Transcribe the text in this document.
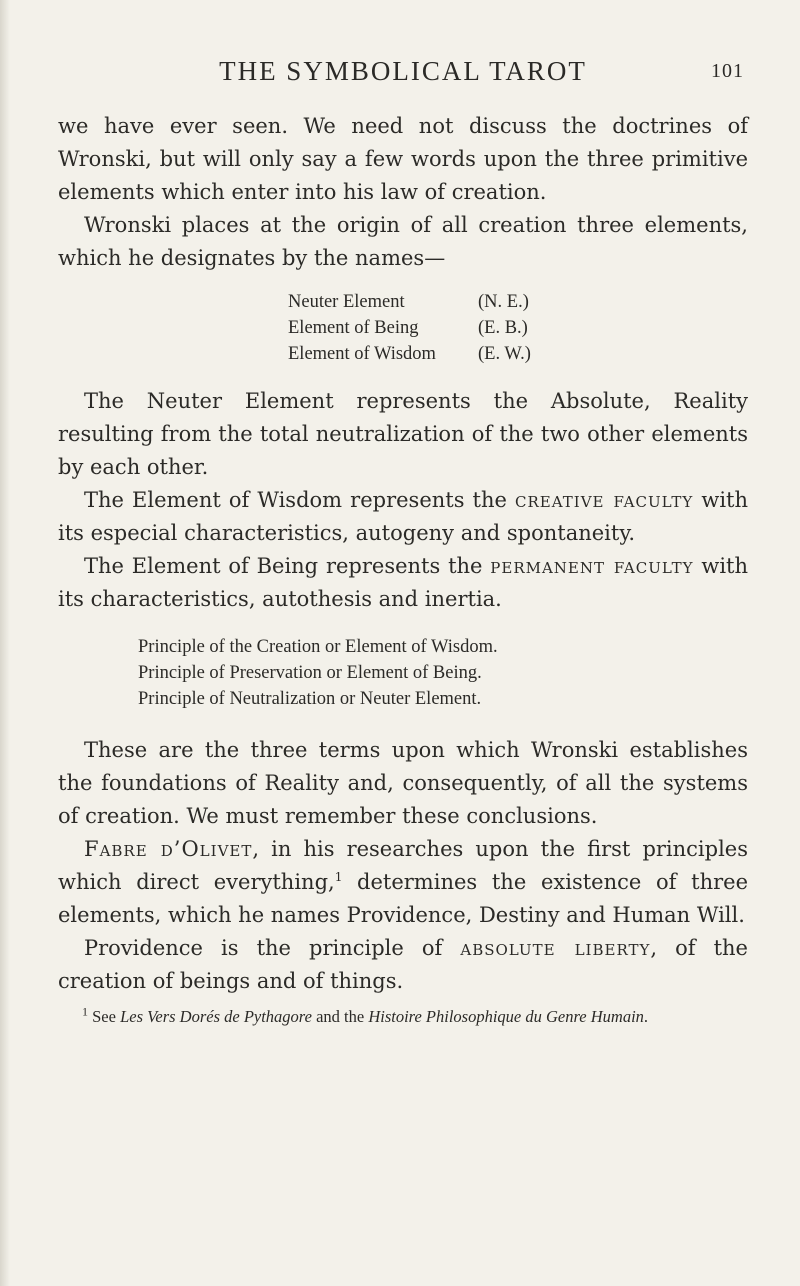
THE SYMBOLICAL TAROT	101

we have ever seen. We need not discuss the doctrines of Wronski, but will only say a few words upon the three primitive elements which enter into his law of creation.

Wronski places at the origin of all creation three elements, which he designates by the names—

Neuter Element	(N. E.)
Element of Being	(E. B.)
Element of Wisdom	(E. W.)

The Neuter Element represents the Absolute, Reality resulting from the total neutralization of the two other elements by each other.

The Element of Wisdom represents the creative faculty with its especial characteristics, autogeny and spontaneity.

The Element of Being represents the permanent faculty with its characteristics, autothesis and inertia.

Principle of the Creation or Element of Wisdom.
Principle of Preservation or Element of Being.
Principle of Neutralization or Neuter Element.

These are the three terms upon which Wronski establishes the foundations of Reality and, consequently, of all the systems of creation. We must remember these conclusions.

Fabre d’Olivet, in his researches upon the first principles which direct everything,$^1$ determines the existence of three elements, which he names Providence, Destiny and Human Will.

Providence is the principle of absolute liberty, of the creation of beings and of things.

$^1$ See Les Vers Dorés de Pythagore and the Histoire Philosophique du Genre Humain.
